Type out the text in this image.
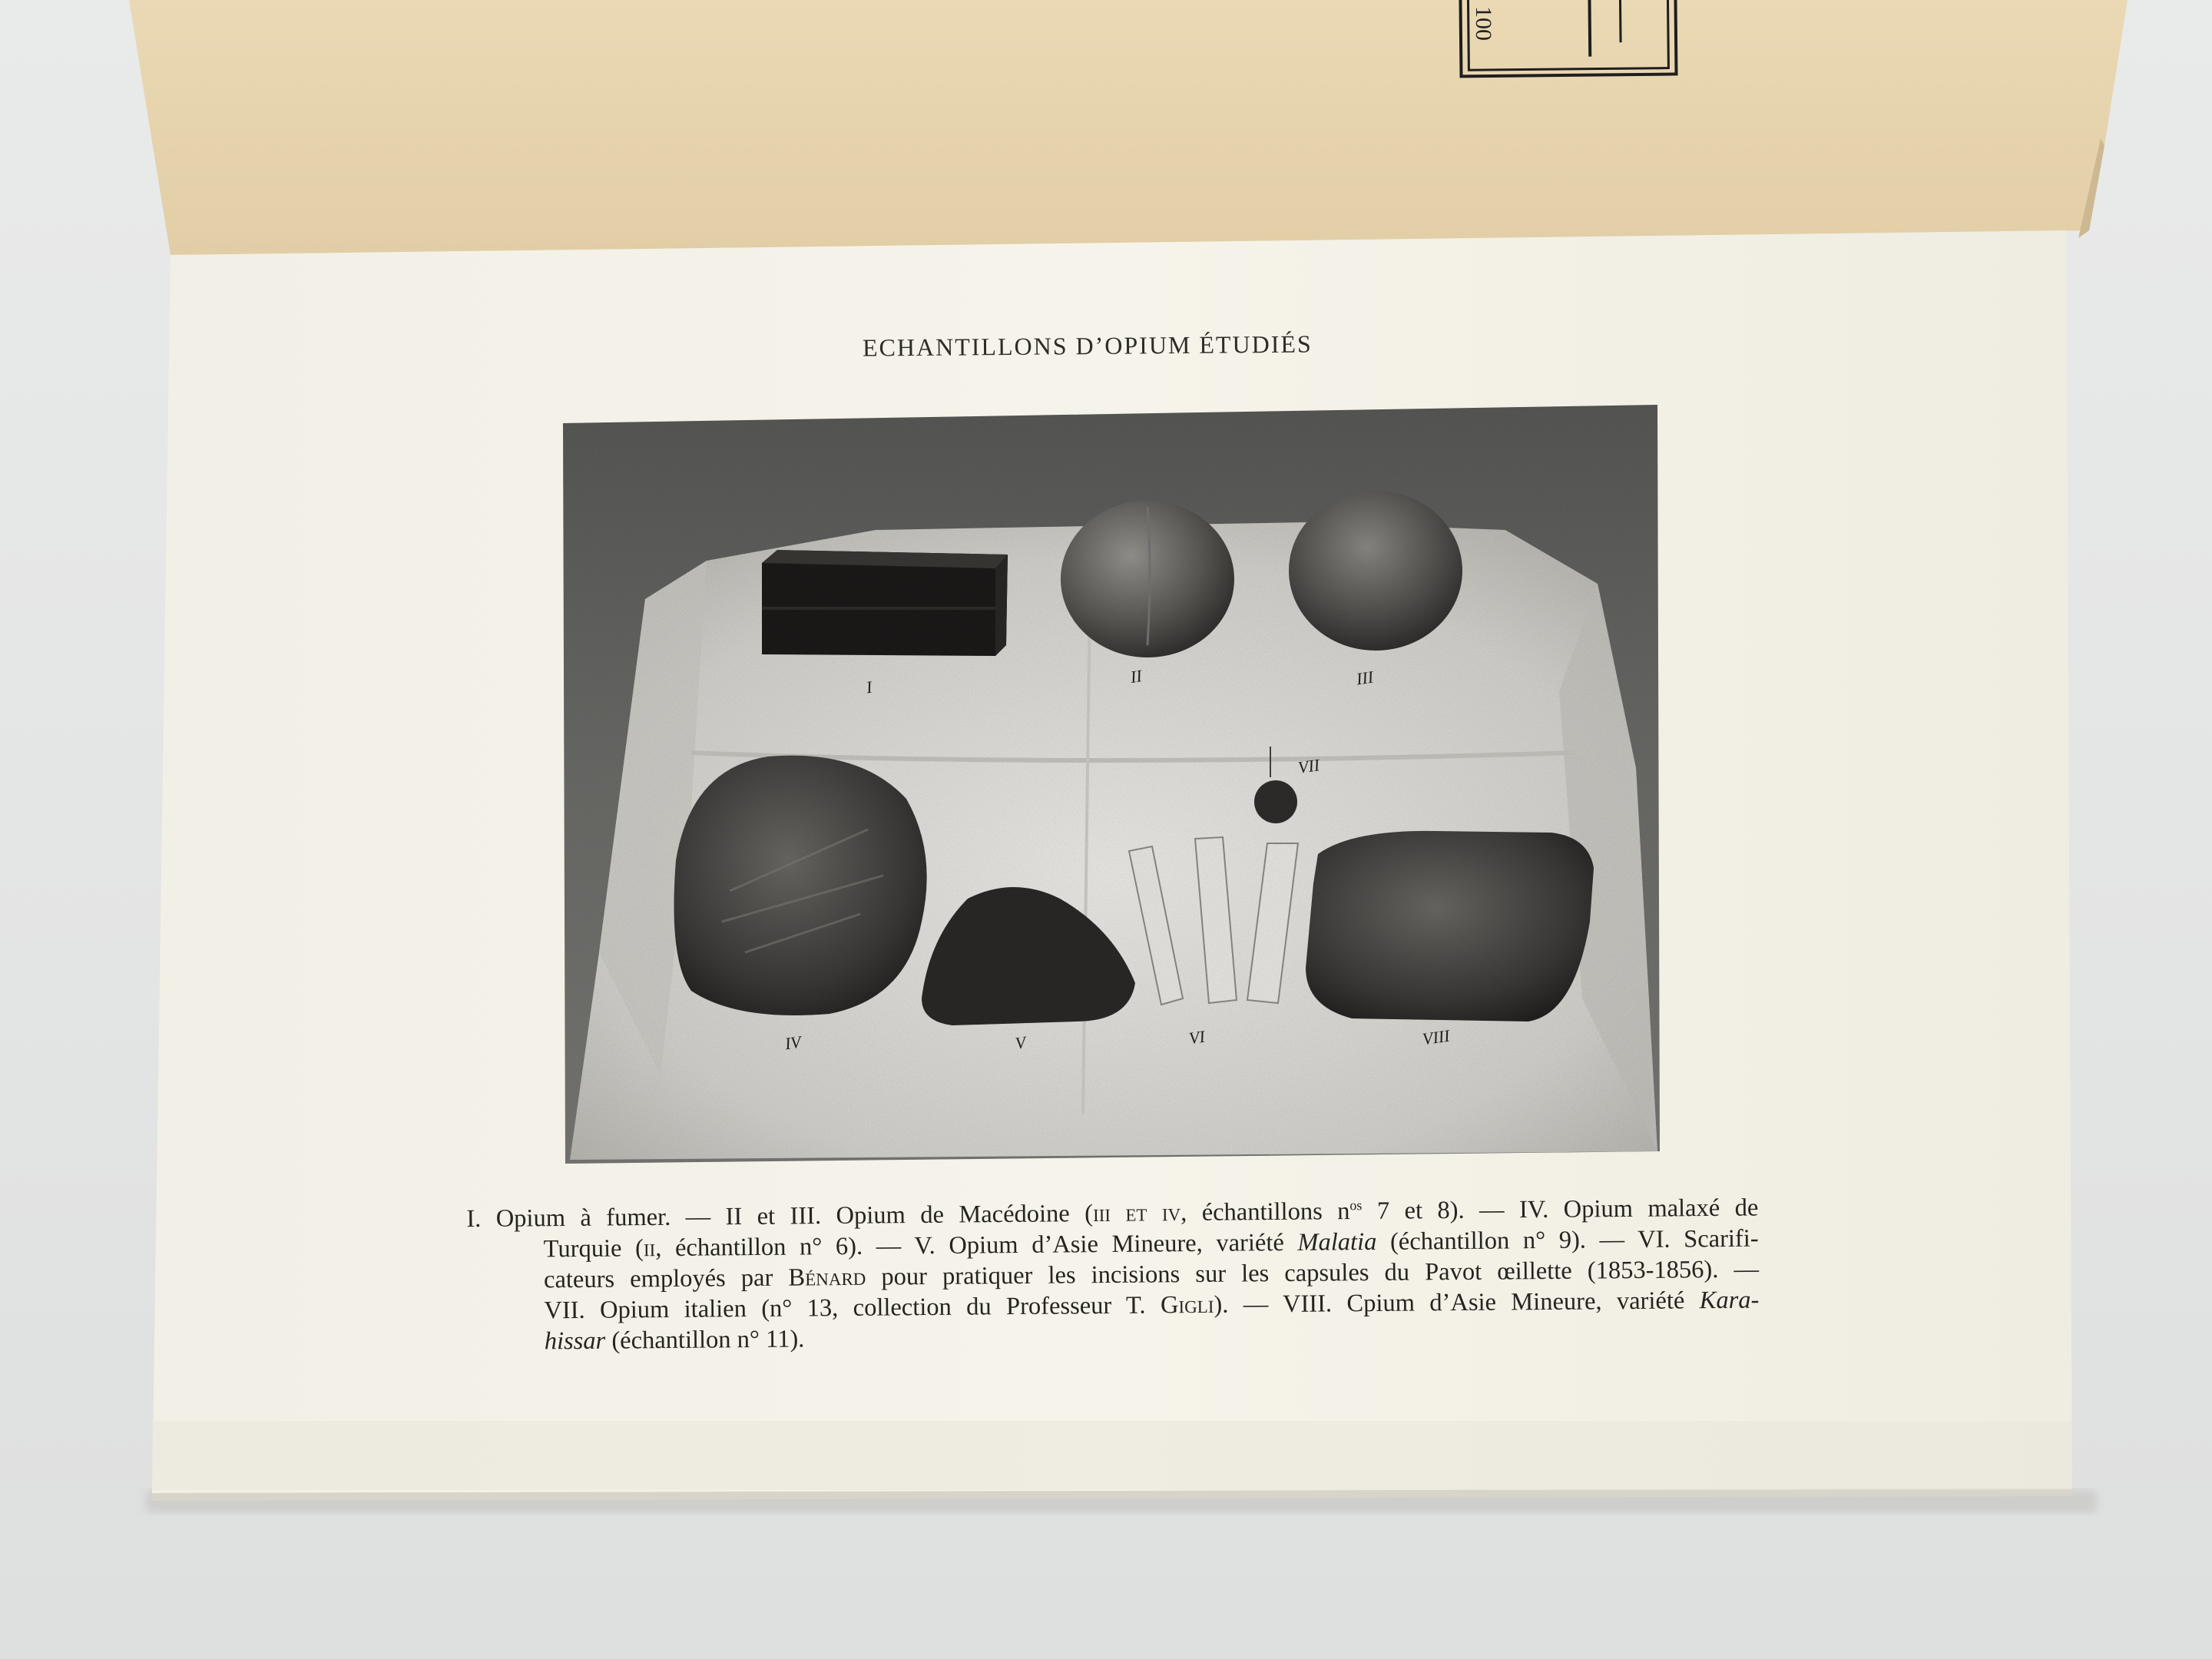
I
II	III
IV	V	VI
VII
VIII
100
ECHANTILLONS D’OPIUM ÉTUDIÉS
I. Opium à fumer. — II et III. Opium de Macédoine (iii et iv, échantillons $n^{os}$ 7 et 8). — IV. Opium malaxé de
Turquie (ii, échantillon n° 6). — V. Opium d’Asie Mineure, variété Malatia (échantillon n° 9). — VI. Scarifi-
cateurs employés par Bénard pour pratiquer les incisions sur les capsules du Pavot œillette (1853-1856). —
VII. Opium italien (n° 13, collection du Professeur T. Gigli). — VIII. Cpium d’Asie Mineure, variété Kara-
hissar (échantillon n° 11).
